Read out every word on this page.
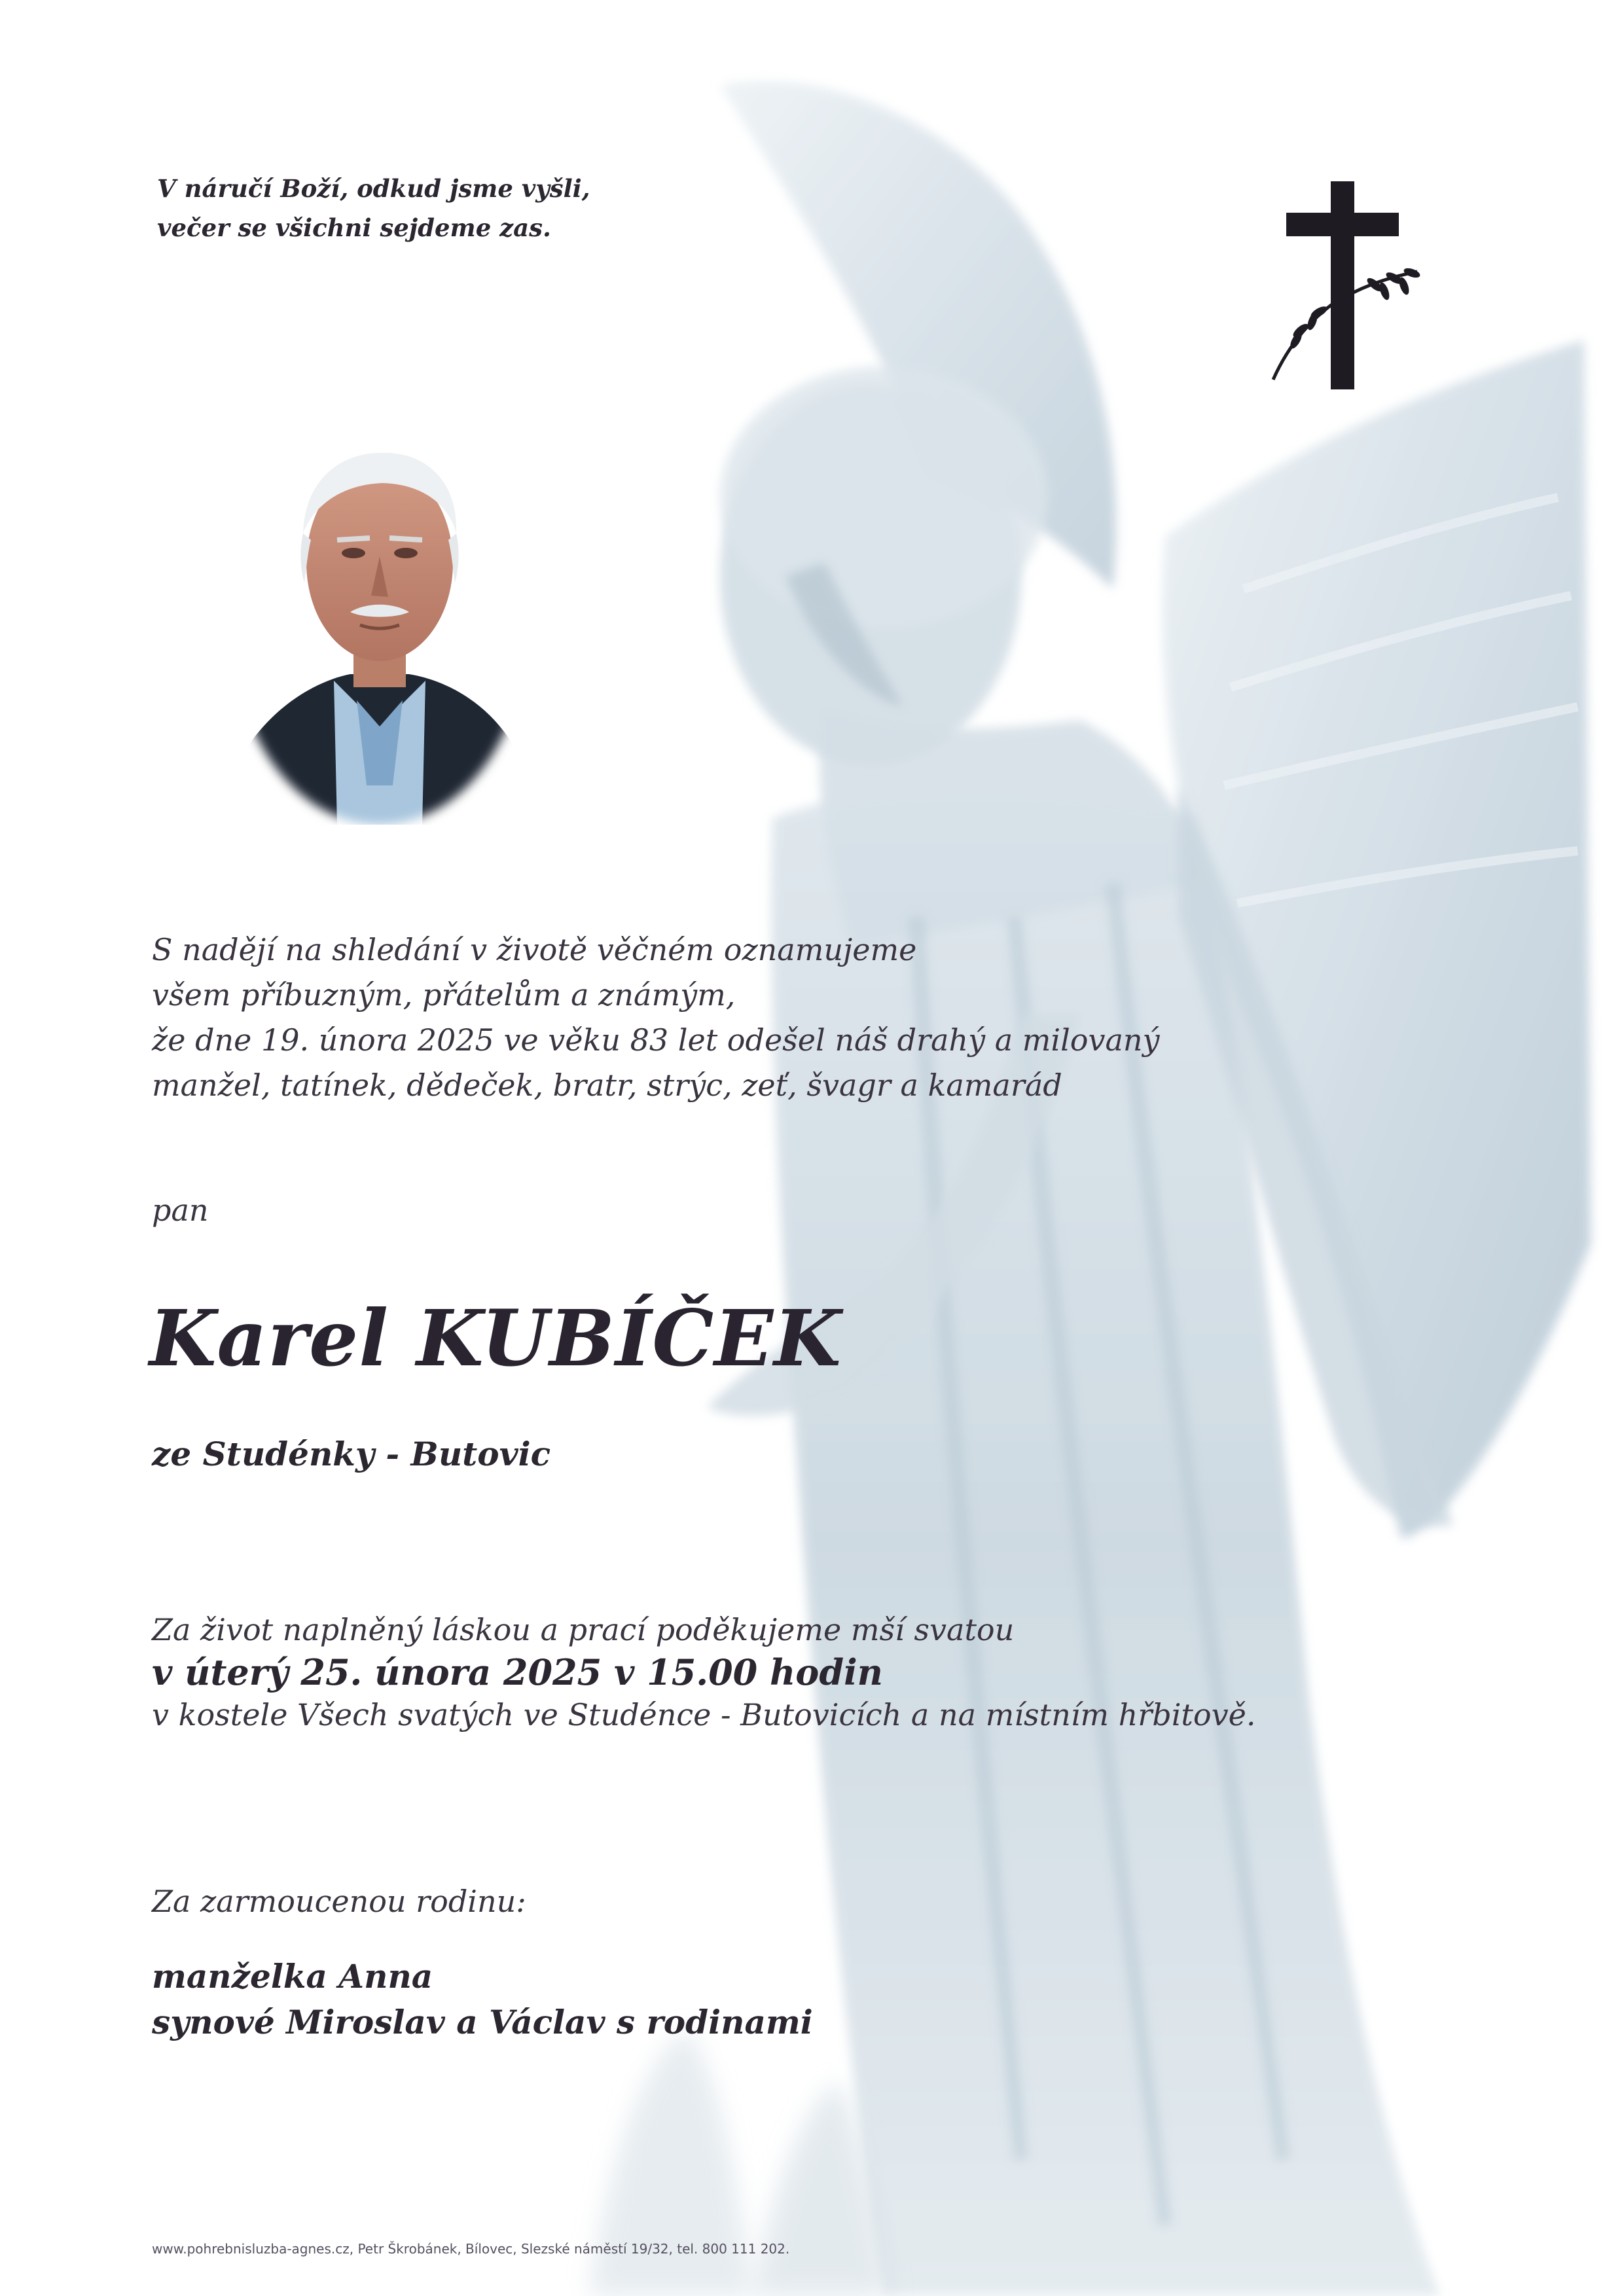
V náručí Boží, odkud jsme vyšli,
večer se všichni sejdeme zas.
S nadějí na shledání v životě věčném oznamujeme
všem příbuzným, přátelům a známým,
že dne 19. února 2025 ve věku 83 let odešel náš drahý a milovaný
manžel, tatínek, dědeček, bratr, strýc, zeť, švagr a kamarád
pan
Karel KUBÍČEK
ze Studénky - Butovic
Za život naplněný láskou a prací poděkujeme mší svatou
v úterý 25. února 2025 v 15.00 hodin
v kostele Všech svatých ve Studénce - Butovicích a na místním hřbitově.
Za zarmoucenou rodinu:
manželka Anna
synové Miroslav a Václav s rodinami
www.pohrebnisluzba-agnes.cz, Petr Škrobánek, Bílovec, Slezské náměstí 19/32, tel. 800 111 202.
